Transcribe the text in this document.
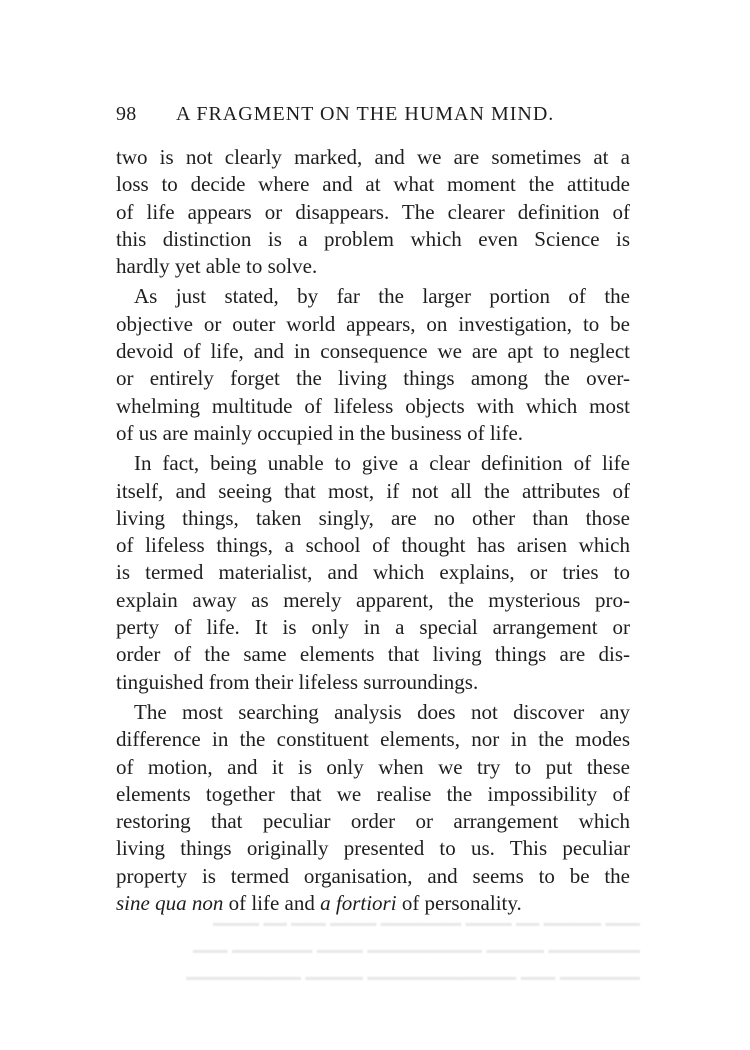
98 A FRAGMENT ON THE HUMAN MIND.

two is not clearly marked, and we are sometimes at a
loss to decide where and at what moment the attitude
of life appears or disappears. The clearer definition of
this distinction is a problem which even Science is
hardly yet able to solve.

As just stated, by far the larger portion of the
objective or outer world appears, on investigation, to be
devoid of life, and in consequence we are apt to neglect
or entirely forget the living things among the over-
whelming multitude of lifeless objects with which most
of us are mainly occupied in the business of life.

In fact, being unable to give a clear definition of life
itself, and seeing that most, if not all the attributes of
living things, taken singly, are no other than those
of lifeless things, a school of thought has arisen which
is termed materialist, and which explains, or tries to
explain away as merely apparent, the mysterious pro-
perty of life. It is only in a special arrangement or
order of the same elements that living things are dis-
tinguished from their lifeless surroundings.

The most searching analysis does not discover any
difference in the constituent elements, nor in the modes
of motion, and it is only when we try to put these
elements together that we realise the impossibility of
restoring that peculiar order or arrangement which
living things originally presented to us. This peculiar
property is termed organisation, and seems to be the
sine qua non of life and a fortiori of personality.

━━━ ━━━━━ ━━ ━━━━ ━━━━━━━ ━━━━ ━━━ ━━ ━━━━
━━━━━━━━ ━━━━━ ━━━━━━━━━━ ━━━━ ━━━━━━━ ━━━
━━━━━━━ ━━━ ━━━━━━━━━━━━━ ━━━━━ ━━━━━━━━━━
